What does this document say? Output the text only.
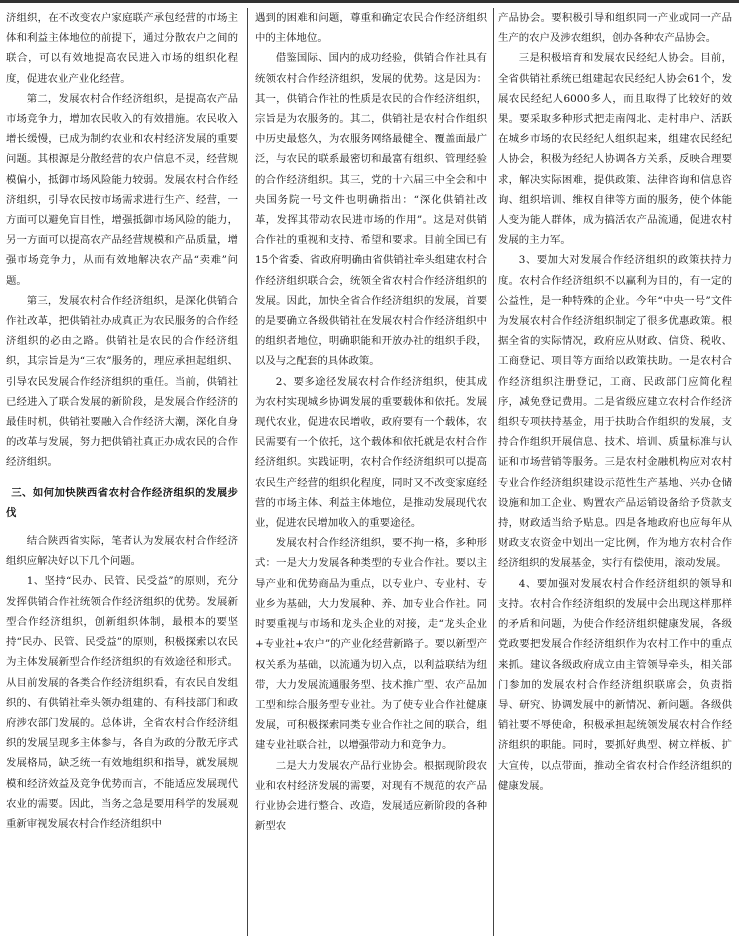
济组织，在不改变农户家庭联产承包经营的市场主体和利益主体地位的前提下，通过分散农户之间的联合，可以有效地提高农民进入市场的组织化程度，促进农业产业化经营。

第二，发展农村合作经济组织，是提高农产品市场竞争力，增加农民收入的有效措施。农民收入增长缓慢，已成为制约农业和农村经济发展的重要问题。其根源是分散经营的农户信息不灵，经营规模偏小，抵御市场风险能力较弱。发展农村合作经济组织，引导农民按市场需求进行生产、经营，一方面可以避免盲目性，增强抵御市场风险的能力，另一方面可以提高农产品经营规模和产品质量，增强市场竞争力，从而有效地解决农产品“卖难”问题。

第三，发展农村合作经济组织，是深化供销合作社改革，把供销社办成真正为农民服务的合作经济组织的必由之路。供销社是农民的合作经济组织，其宗旨是为“三农”服务的，理应承担起组织、引导农民发展合作经济组织的重任。当前，供销社已经进入了联合发展的新阶段，是发展合作经济的最佳时机，供销社要融入合作经济大潮，深化自身的改革与发展，努力把供销社真正办成农民的合作经济组织。

三、如何加快陕西省农村合作经济组织的发展步伐

结合陕西省实际，笔者认为发展农村合作经济组织应解决好以下几个问题。

1、坚持“民办、民管、民受益”的原则，充分发挥供销合作社统领合作经济组织的优势。发展新型合作经济组织，创新组织体制，最根本的要坚持“民办、民管、民受益”的原则，积极探索以农民为主体发展新型合作经济组织的有效途径和形式。从目前发展的各类合作经济组织看，有农民自发组织的、有供销社牵头领办组建的、有科技部门和政府涉农部门发展的。总体讲，全省农村合作经济组织的发展呈现多主体参与，各自为政的分散无序式发展格局，缺乏统一有效地组织和指导，就发展规模和经济效益及竞争优势而言，不能适应发展现代农业的需要。因此，当务之急是要用科学的发展观重新审视发展农村合作经济组织中

遇到的困难和问题，尊重和确定农民合作经济组织中的主体地位。

借鉴国际、国内的成功经验，供销合作社具有统领农村合作经济组织，发展的优势。这是因为：其一，供销合作社的性质是农民的合作经济组织，宗旨是为农服务的。其二，供销社是农村合作组织中历史最悠久，为农服务网络最健全、覆盖面最广泛，与农民的联系最密切和最富有组织、管理经验的合作经济组织。其三，党的十六届三中全会和中央国务院一号文件也明确指出：“深化供销社改革，发挥其带动农民进市场的作用”。这是对供销合作社的重视和支持、希望和要求。目前全国已有15个省委、省政府明确由省供销社牵头组建农村合作经济组织联合会，统领全省农村合作经济组织的发展。因此，加快全省合作经济组织的发展，首要的是要确立各级供销社在发展农村合作经济组织中的组织者地位，明确职能和开放办社的组织手段，以及与之配套的具体政策。

2、要多途径发展农村合作经济组织，使其成为农村实现城乡协调发展的重要载体和依托。发展现代农业，促进农民增收，政府要有一个载体，农民需要有一个依托，这个载体和依托就是农村合作经济组织。实践证明，农村合作经济组织可以提高农民生产经营的组织化程度，同时又不改变家庭经营的市场主体、利益主体地位，是推动发展现代农业，促进农民增加收入的重要途径。

发展农村合作经济组织，要不拘一格，多种形式：一是大力发展各种类型的专业合作社。要以主导产业和优势商品为重点，以专业户、专业村、专业乡为基础，大力发展种、养、加专业合作社。同时要重视与市场和龙头企业的对接，走“龙头企业+专业社+农户”的产业化经营新路子。要以新型产权关系为基础，以流通为切入点，以利益联结为纽带，大力发展流通服务型、技术推广型、农产品加工型和综合服务型专业社。为了使专业合作社健康发展，可积极探索同类专业合作社之间的联合，组建专业社联合社，以增强带动力和竞争力。

二是大力发展农产品行业协会。根据现阶段农业和农村经济发展的需要，对现有不规范的农产品行业协会进行整合、改造，发展适应新阶段的各种新型农

产品协会。要积极引导和组织同一产业或同一产品生产的农户及涉农组织，创办各种农产品协会。

三是积极培育和发展农民经纪人协会。目前，全省供销社系统已组建起农民经纪人协会61个，发展农民经纪人6000多人，而且取得了比较好的效果。要采取多种形式把走南闯北、走村串户、活跃在城乡市场的农民经纪人组织起来，组建农民经纪人协会，积极为经纪人协调各方关系，反映合理要求，解决实际困难，提供政策、法律咨询和信息咨询、组织培训、维权自律等方面的服务，使个体能人变为能人群体，成为搞活农产品流通，促进农村发展的主力军。

3、要加大对发展合作经济组织的政策扶持力度。农村合作经济组织不以赢利为目的，有一定的公益性，是一种特殊的企业。今年“中央一号”文件为发展农村合作经济组织制定了很多优惠政策。根据全省的实际情况，政府应从财政、信贷、税收、工商登记、项目等方面给以政策扶助。一是农村合作经济组织注册登记，工商、民政部门应简化程序，减免登记费用。二是省级应建立农村合作经济组织专项扶持基金，用于扶助合作组织的发展，支持合作组织开展信息、技术、培训、质量标准与认证和市场营销等服务。三是农村金融机构应对农村专业合作经济组织建设示范性生产基地、兴办仓储设施和加工企业、购置农产品运销设备给予贷款支持，财政适当给予贴息。四是各地政府也应每年从财政支农资金中划出一定比例，作为地方农村合作经济组织的发展基金，实行有偿使用，滚动发展。

4、要加强对发展农村合作经济组织的领导和支持。农村合作经济组织的发展中会出现这样那样的矛盾和问题，为使合作经济组织健康发展，各级党政要把发展合作经济组织作为农村工作中的重点来抓。建议各级政府成立由主管领导牵头，相关部门参加的发展农村合作经济组织联席会，负责指导、研究、协调发展中的新情况、新问题。各级供销社要不辱使命，积极承担起统领发展农村合作经济组织的职能。同时，要抓好典型、树立样板、扩大宣传，以点带面，推动全省农村合作经济组织的健康发展。
